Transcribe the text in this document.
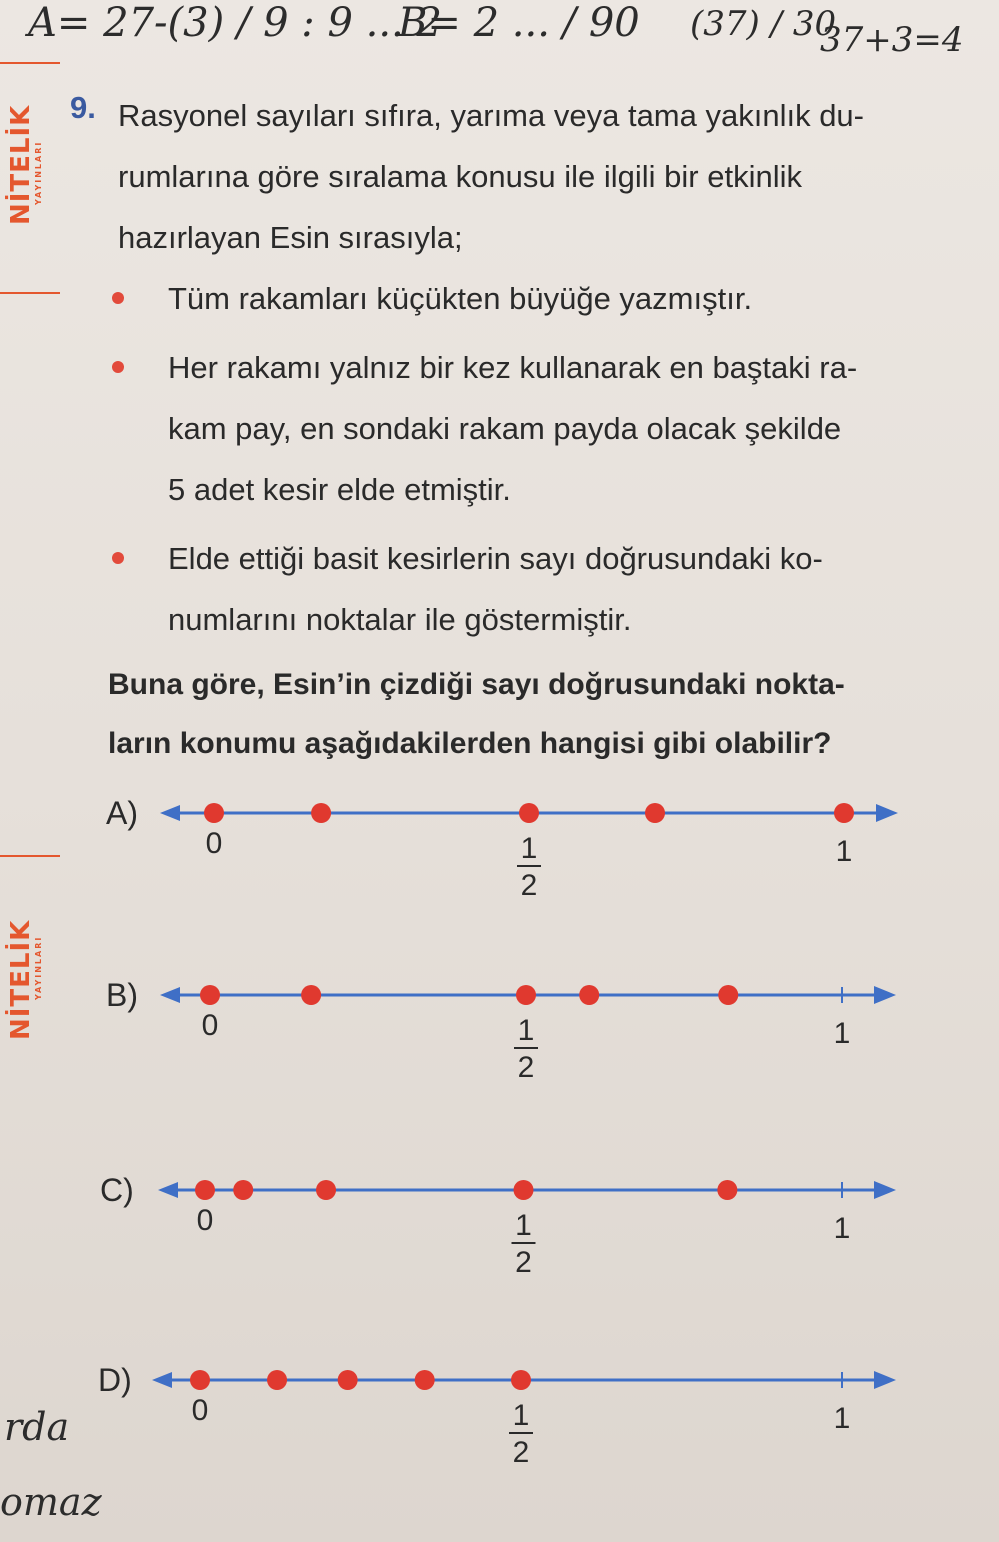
A= 27-(3) / 9 : 9 ... 2
B= 2 ... / 90 (37) / 30
37+3=4
NİTELİK
YAYINLARI
NİTELİK
YAYINLARI
9. Rasyonel sayıları sıfıra, yarıma veya tama yakınlık du-
rumlarına göre sıralama konusu ile ilgili bir etkinlik
hazırlayan Esin sırasıyla;
Tüm rakamları küçükten büyüğe yazmıştır.
Her rakamı yalnız bir kez kullanarak en baştaki ra-
kam pay, en sondaki rakam payda olacak şekilde
5 adet kesir elde etmiştir.
Elde ettiği basit kesirlerin sayı doğrusundaki ko-
numlarını noktalar ile göstermiştir.
Buna göre, Esin’in çizdiği sayı doğrusundaki nokta-
ların konumu aşağıdakilerden hangisi gibi olabilir?
A)
0	1
2
1
B)
0	1
2
1
C)
0	1
2
1
D)
0	1
2
1
rda
omaz
